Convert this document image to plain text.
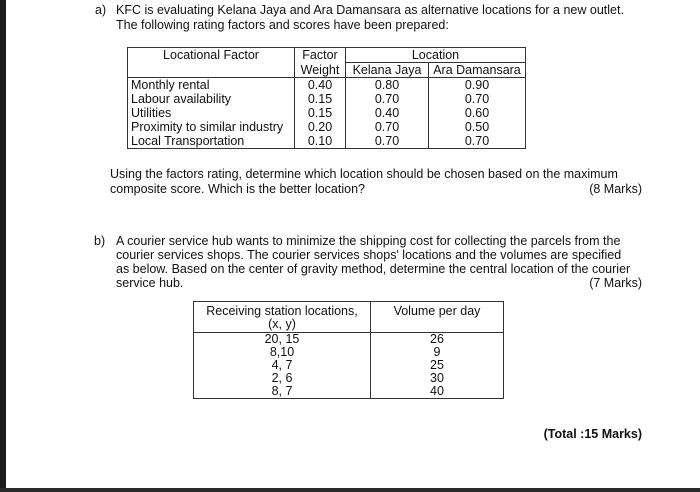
a) KFC is evaluating Kelana Jaya and Ara Damansara as alternative locations for a new outlet.
The following rating factors and scores have been prepared:
Locational Factor	Factor	Location	
	Weight	Kelana Jaya	Ara Damansara
Monthly rental	0.40	0.80	0.90
Labour availability	0.15	0.70	0.70
Utilities	0.15	0.40	0.60
Proximity to similar industry	0.20	0.70	0.50
Local Transportation	0.10	0.70	0.70
Using the factors rating, determine which location should be chosen based on the maximum
composite score. Which is the better location?	(8 Marks)
b) A courier service hub wants to minimize the shipping cost for collecting the parcels from the
courier services shops. The courier services shops' locations and the volumes are specified
as below. Based on the center of gravity method, determine the central location of the courier
service hub.	(7 Marks)
Receiving station locations,
(x, y)	Volume per day
20, 15	26
8,10	9
4, 7	25
2, 6	30
8, 7	40
(Total :15 Marks)
